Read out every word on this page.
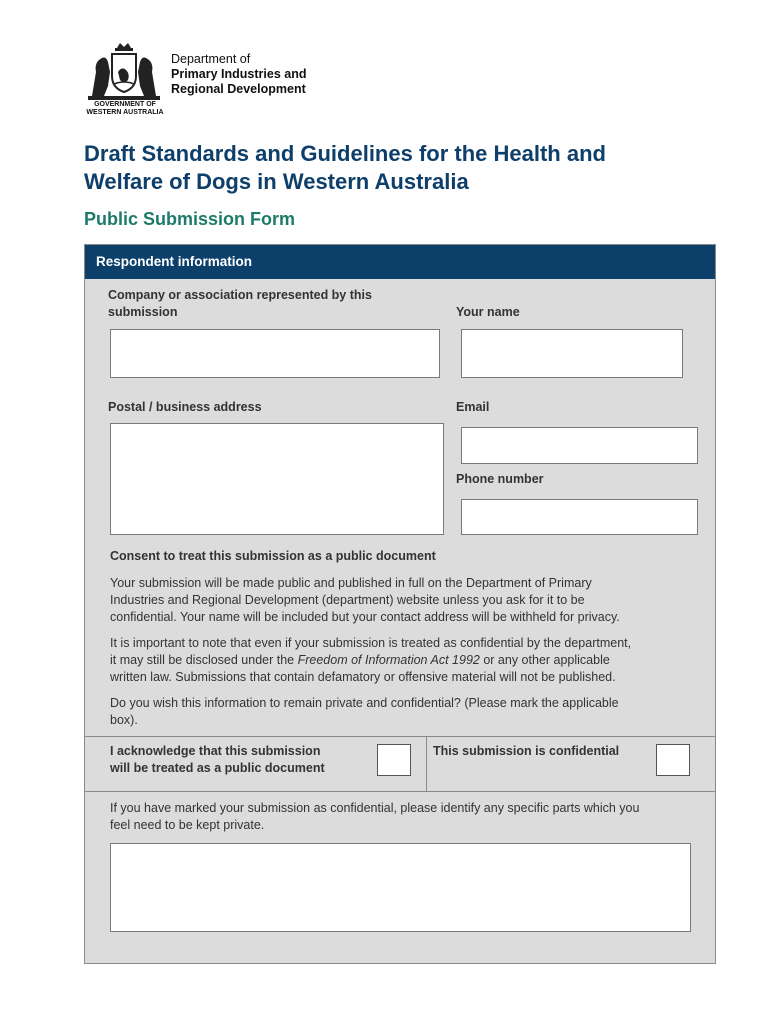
Department of
Primary Industries and
Regional Development
GOVERNMENT OF
WESTERN AUSTRALIA
Draft Standards and Guidelines for the Health and
Welfare of Dogs in Western Australia
Public Submission Form
Respondent information
Company or association represented by this
submission	Your name
Postal / business address	Email
Phone number
Consent to treat this submission as a public document
Your submission will be made public and published in full on the Department of Primary
Industries and Regional Development (department) website unless you ask for it to be
confidential. Your name will be included but your contact address will be withheld for privacy.
It is important to note that even if your submission is treated as confidential by the department,
it may still be disclosed under the Freedom of Information Act 1992 or any other applicable
written law. Submissions that contain defamatory or offensive material will not be published.
Do you wish this information to remain private and confidential? (Please mark the applicable
box).
I acknowledge that this submission
will be treated as a public document
This submission is confidential
If you have marked your submission as confidential, please identify any specific parts which you
feel need to be kept private.
